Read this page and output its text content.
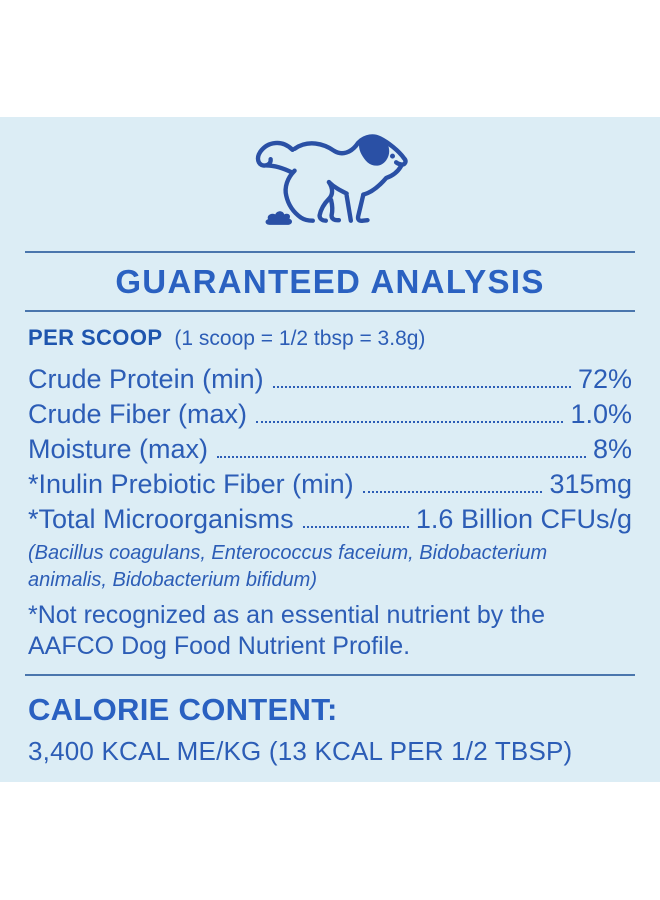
GUARANTEED ANALYSIS
PER SCOOP (1 scoop = 1/2 tbsp = 3.8g)
Crude Protein (min)	72%
Crude Fiber (max)	1.0%
Moisture (max)	8%
*Inulin Prebiotic Fiber (min)	315mg
*Total Microorganisms	1.6 Billion CFUs/g

(Bacillus coagulans, Enterococcus faceium, Bidobacterium animalis, Bidobacterium bifidum)

*Not recognized as an essential nutrient by the AAFCO Dog Food Nutrient Profile.

CALORIE CONTENT:

3,400 KCAL ME/KG (13 KCAL PER 1/2 TBSP)
